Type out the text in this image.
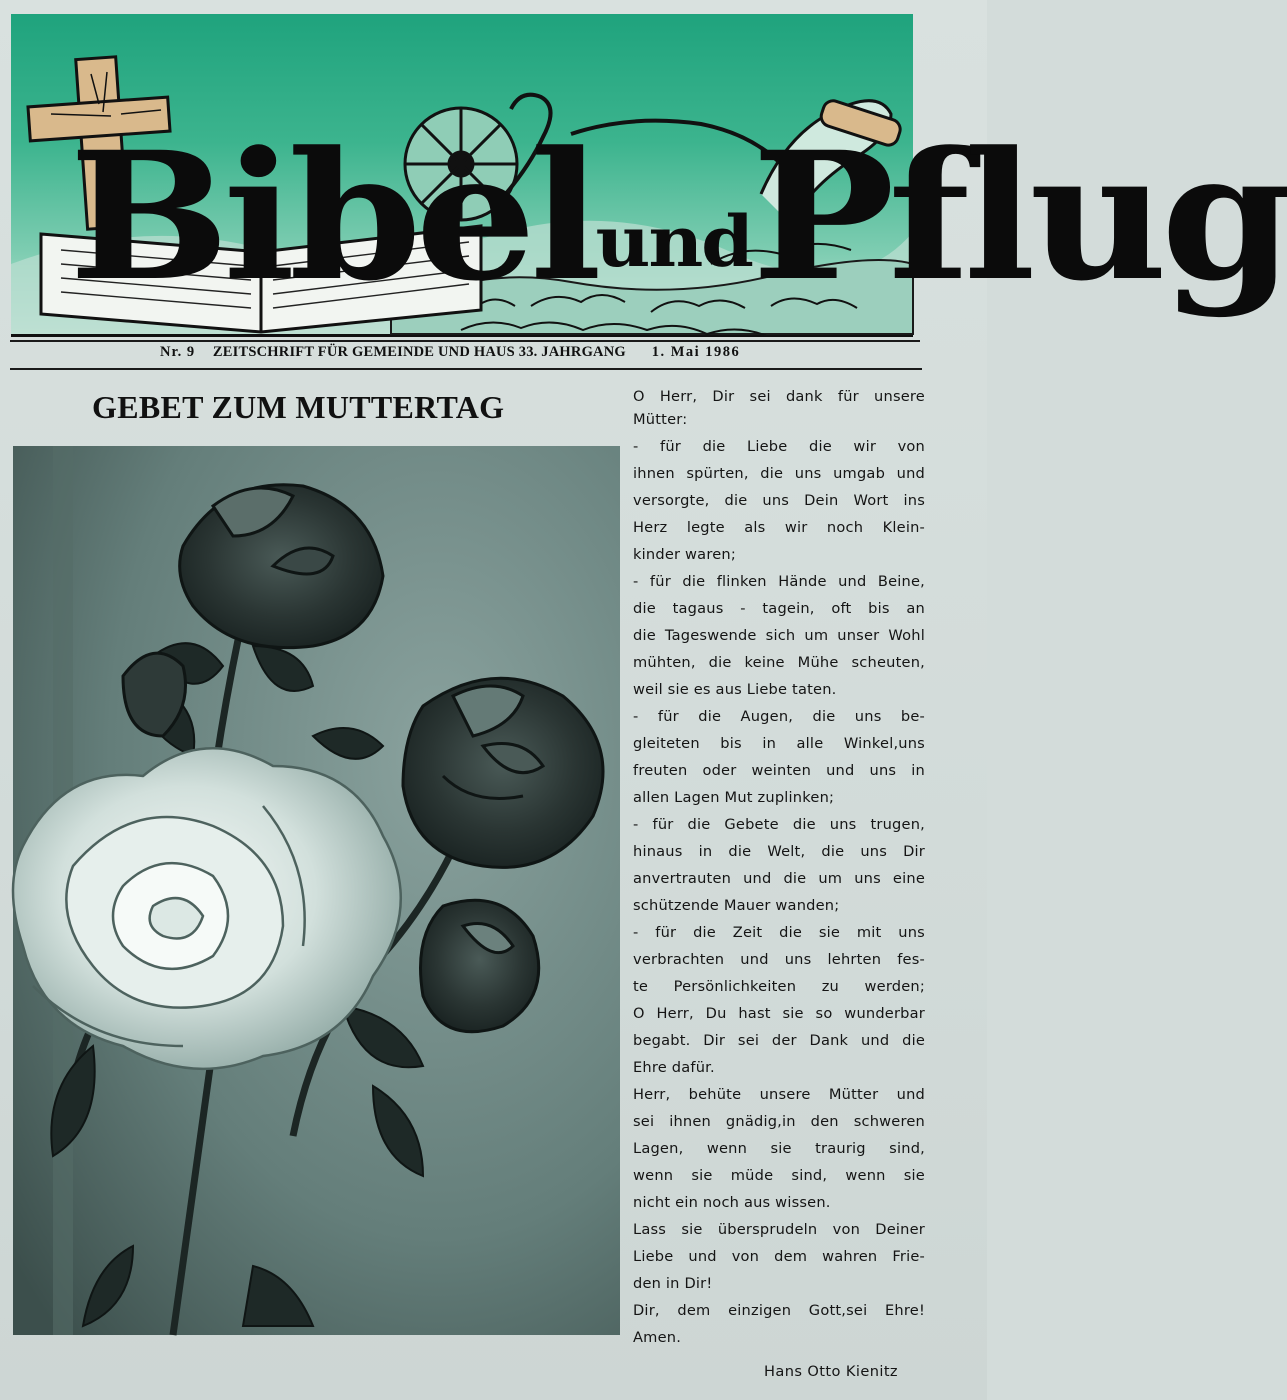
BibelundPflug
Nr. 9 ZEITSCHRIFT FÜR GEMEINDE UND HAUS 33. JAHRGANG 1. Mai 1986
GEBET ZUM MUTTERTAG	O Herr, Dir sei dank für unsere
Mütter:
- für die Liebe die wir von
ihnen spürten, die uns umgab und
versorgte, die uns Dein Wort ins
Herz legte als wir noch Klein-
kinder waren;
- für die flinken Hände und Beine,
die tagaus - tagein, oft bis an
die Tageswende sich um unser Wohl
mühten, die keine Mühe scheuten,
weil sie es aus Liebe taten.
- für die Augen, die uns be-
gleiteten bis in alle Winkel,uns
freuten oder weinten und uns in
allen Lagen Mut zuplinken;
- für die Gebete die uns trugen,
hinaus in die Welt, die uns Dir
anvertrauten und die um uns eine
schützende Mauer wanden;
- für die Zeit die sie mit uns
verbrachten und uns lehrten fes-
te Persönlichkeiten zu werden;
O Herr, Du hast sie so wunderbar
begabt. Dir sei der Dank und die
Ehre dafür.
Herr, behüte unsere Mütter und
sei ihnen gnädig,in den schweren
Lagen, wenn sie traurig sind,
wenn sie müde sind, wenn sie
nicht ein noch aus wissen.
Lass sie übersprudeln von Deiner
Liebe und von dem wahren Frie-
den in Dir!
Dir, dem einzigen Gott,sei Ehre!
Amen.
Hans Otto Kienitz
